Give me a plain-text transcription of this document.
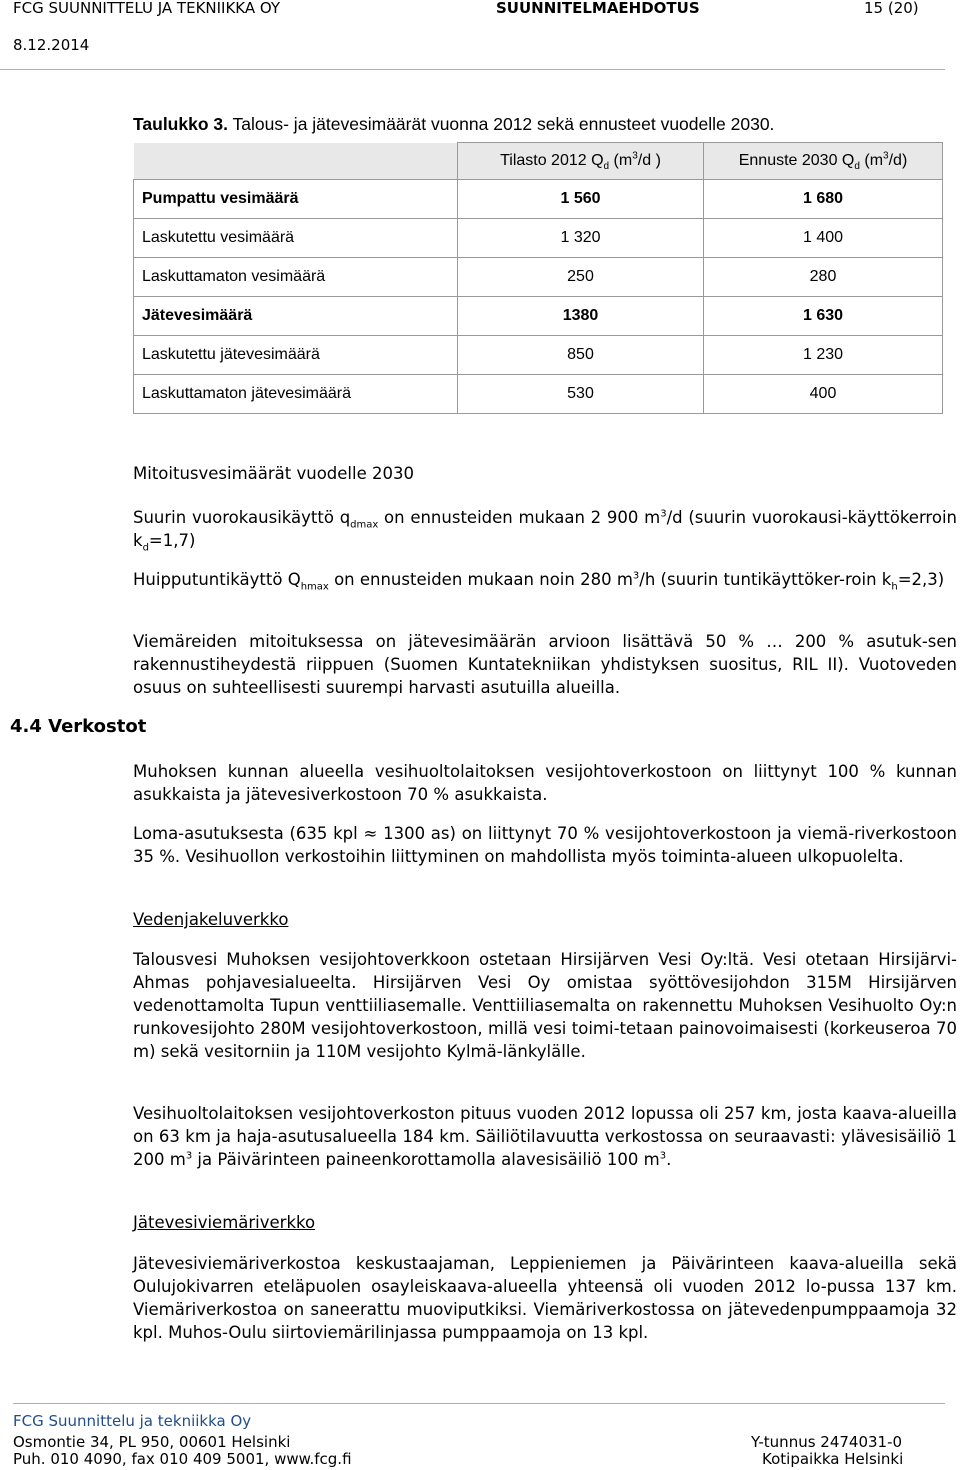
FCG SUUNNITTELU JA TEKNIIKKA OY	SUUNNITELMAEHDOTUS	15 (20)
8.12.2014
Taulukko 3. Talous- ja jätevesimäärät vuonna 2012 sekä ennusteet vuodelle 2030.
	Tilasto 2012 $Q_d$ ($m^3/d$ )	Ennuste 2030 $Q_d$ $(m^3/d)$
Pumpattu vesimäärä	1 560	1 680
Laskutettu vesimäärä	1 320	1 400
Laskuttamaton vesimäärä	250	280
Jätevesimäärä	1380	1 630
Laskutettu jätevesimäärä	850	1 230
Laskuttamaton jätevesimäärä	530	400
Mitoitusvesimäärät vuodelle 2030

Suurin vuorokausikäyttö $q_{dmax}$ on ennusteiden mukaan 2 900 $m^3/d$ (suurin vuorokausi-käyttökerroin $k_d=1,7$)

Huipputuntikäyttö $Q_{hmax}$ on ennusteiden mukaan noin 280 $m^3/h$ (suurin tuntikäyttöker-roin $k_h=2,3$)

Viemäreiden mitoituksessa on jätevesimäärän arvioon lisättävä 50 % … 200 % asutuk-sen rakennustiheydestä riippuen (Suomen Kuntatekniikan yhdistyksen suositus, RIL II). Vuotoveden osuus on suhteellisesti suurempi harvasti asutuilla alueilla.

4.4 Verkostot

Muhoksen kunnan alueella vesihuoltolaitoksen vesijohtoverkostoon on liittynyt 100 % kunnan asukkaista ja jätevesiverkostoon 70 % asukkaista.

Loma-asutuksesta (635 kpl ≈ 1300 as) on liittynyt 70 % vesijohtoverkostoon ja viemä-riverkostoon 35 %. Vesihuollon verkostoihin liittyminen on mahdollista myös toiminta-alueen ulkopuolelta.

Vedenjakeluverkko

Talousvesi Muhoksen vesijohtoverkkoon ostetaan Hirsijärven Vesi Oy:ltä. Vesi otetaan Hirsijärvi-Ahmas pohjavesialueelta. Hirsijärven Vesi Oy omistaa syöttövesijohdon 315M Hirsijärven vedenottamolta Tupun venttiiliasemalle. Venttiiliasemalta on rakennettu Muhoksen Vesihuolto Oy:n runkovesijohto 280M vesijohtoverkostoon, millä vesi toimi-tetaan painovoimaisesti (korkeuseroa 70 m) sekä vesitorniin ja 110M vesijohto Kylmä-länkylälle.

Vesihuoltolaitoksen vesijohtoverkoston pituus vuoden 2012 lopussa oli 257 km, josta kaava-alueilla on 63 km ja haja-asutusalueella 184 km. Säiliötilavuutta verkostossa on seuraavasti: ylävesisäiliö 1 200 $m^3$ ja Päivärinteen paineenkorottamolla alavesisäiliö 100 $m^3$.

Jätevesiviemäriverkko

Jätevesiviemäriverkostoa keskustaajaman, Leppieniemen ja Päivärinteen kaava-alueilla sekä Oulujokivarren eteläpuolen osayleiskaava-alueella yhteensä oli vuoden 2012 lo-pussa 137 km. Viemäriverkostoa on saneerattu muoviputkiksi. Viemäriverkostossa on jätevedenpumppaamoja 32 kpl. Muhos-Oulu siirtoviemärilinjassa pumppaamoja on 13 kpl.

FCG Suunnittelu ja tekniikka Oy
Osmontie 34, PL 950, 00601 Helsinki
Puh. 010 4090, fax 010 409 5001, www.fcg.fi
Y-tunnus 2474031-0
Kotipaikka Helsinki
